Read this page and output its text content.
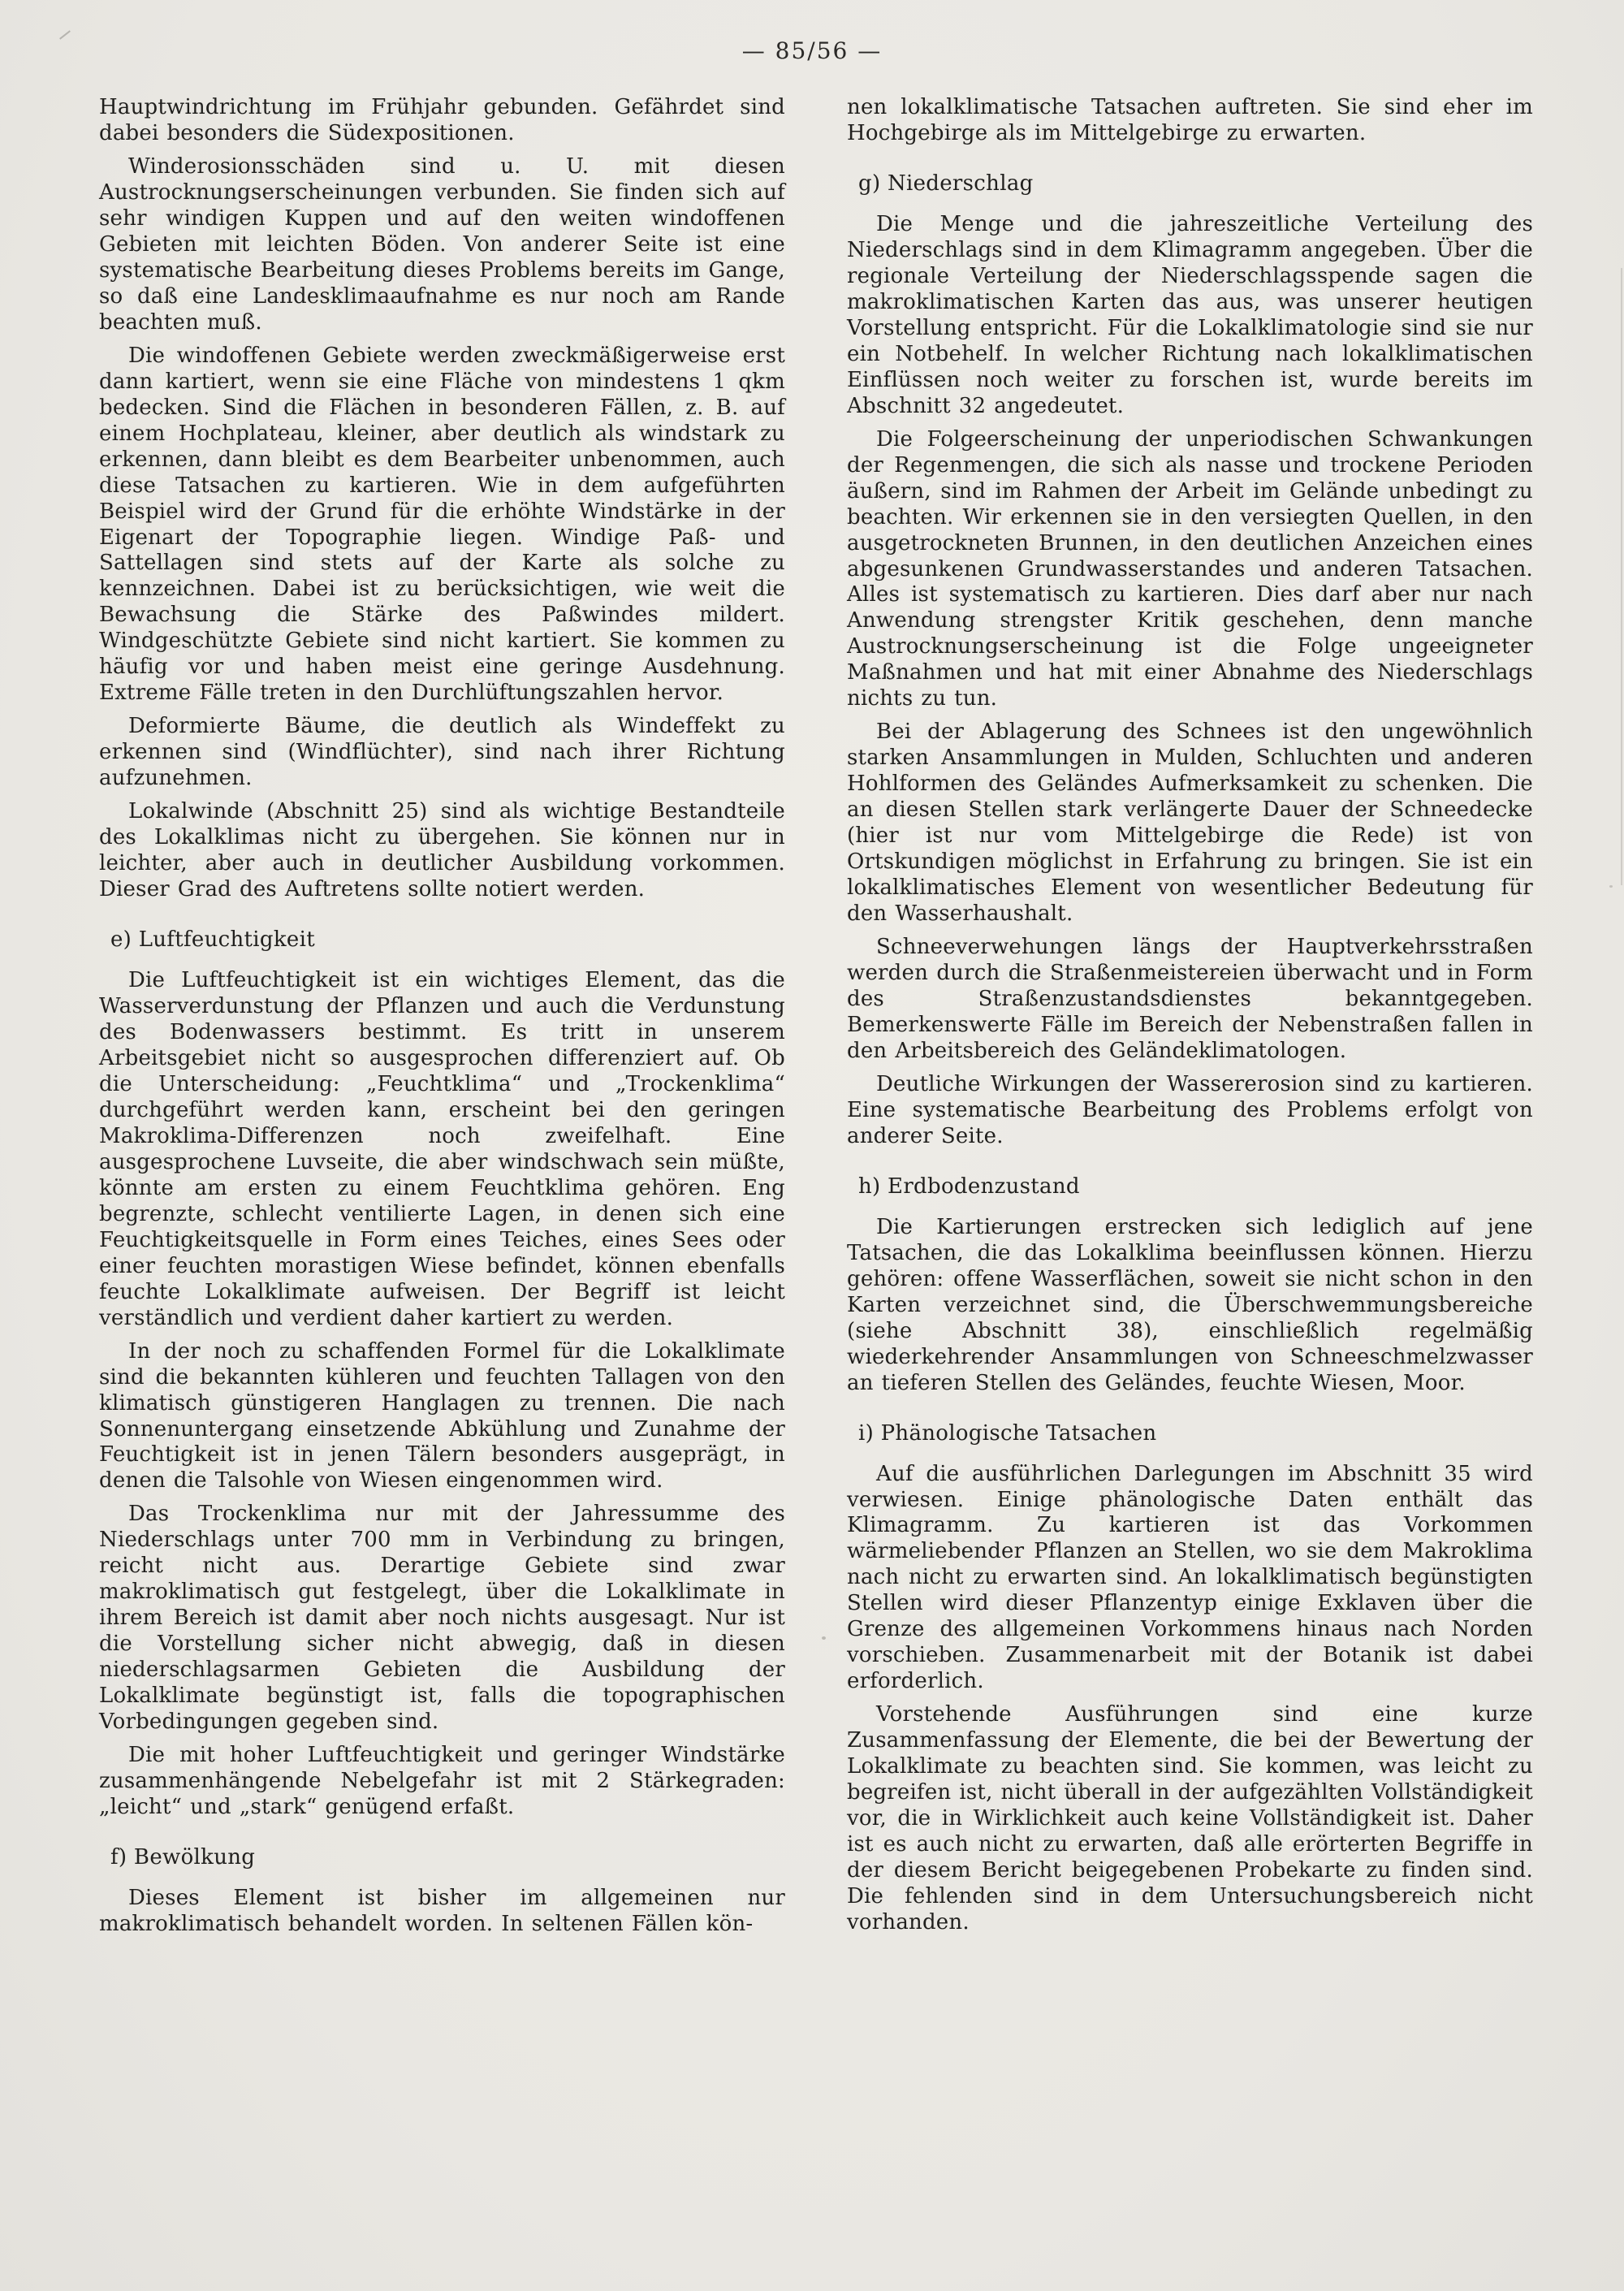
— 85/56 —

Hauptwindrichtung im Frühjahr gebunden. Gefährdet sind dabei besonders die Südexpositionen.

Winderosionsschäden sind u. U. mit diesen Austrocknungserscheinungen verbunden. Sie finden sich auf sehr windigen Kuppen und auf den weiten windoffenen Gebieten mit leichten Böden. Von anderer Seite ist eine systematische Bearbeitung dieses Problems bereits im Gange, so daß eine Landesklimaaufnahme es nur noch am Rande beachten muß.

Die windoffenen Gebiete werden zweckmäßigerweise erst dann kartiert, wenn sie eine Fläche von mindestens 1 qkm bedecken. Sind die Flächen in besonderen Fällen, z. B. auf einem Hochplateau, kleiner, aber deutlich als windstark zu erkennen, dann bleibt es dem Bearbeiter unbenommen, auch diese Tatsachen zu kartieren. Wie in dem aufgeführten Beispiel wird der Grund für die erhöhte Windstärke in der Eigenart der Topographie liegen. Windige Paß- und Sattellagen sind stets auf der Karte als solche zu kennzeichnen. Dabei ist zu berücksichtigen, wie weit die Bewachsung die Stärke des Paßwindes mildert. Windgeschützte Gebiete sind nicht kartiert. Sie kommen zu häufig vor und haben meist eine geringe Ausdehnung. Extreme Fälle treten in den Durchlüftungszahlen hervor.

Deformierte Bäume, die deutlich als Windeffekt zu erkennen sind (Windflüchter), sind nach ihrer Richtung aufzunehmen.

Lokalwinde (Abschnitt 25) sind als wichtige Bestandteile des Lokalklimas nicht zu übergehen. Sie können nur in leichter, aber auch in deutlicher Ausbildung vorkommen. Dieser Grad des Auftretens sollte notiert werden.

e) Luftfeuchtigkeit

Die Luftfeuchtigkeit ist ein wichtiges Element, das die Wasserverdunstung der Pflanzen und auch die Verdunstung des Bodenwassers bestimmt. Es tritt in unserem Arbeitsgebiet nicht so ausgesprochen differenziert auf. Ob die Unterscheidung: „Feuchtklima“ und „Trockenklima“ durchgeführt werden kann, erscheint bei den geringen Makroklima-Differenzen noch zweifelhaft. Eine ausgesprochene Luvseite, die aber windschwach sein müßte, könnte am ersten zu einem Feuchtklima gehören. Eng begrenzte, schlecht ventilierte Lagen, in denen sich eine Feuchtigkeitsquelle in Form eines Teiches, eines Sees oder einer feuchten morastigen Wiese befindet, können ebenfalls feuchte Lokalklimate aufweisen. Der Begriff ist leicht verständlich und verdient daher kartiert zu werden.

In der noch zu schaffenden Formel für die Lokalklimate sind die bekannten kühleren und feuchten Tallagen von den klimatisch günstigeren Hanglagen zu trennen. Die nach Sonnenuntergang einsetzende Abkühlung und Zunahme der Feuchtigkeit ist in jenen Tälern besonders ausgeprägt, in denen die Talsohle von Wiesen eingenommen wird.

Das Trockenklima nur mit der Jahressumme des Niederschlags unter 700 mm in Verbindung zu bringen, reicht nicht aus. Derartige Gebiete sind zwar makroklimatisch gut festgelegt, über die Lokalklimate in ihrem Bereich ist damit aber noch nichts ausgesagt. Nur ist die Vorstellung sicher nicht abwegig, daß in diesen niederschlagsarmen Gebieten die Ausbildung der Lokalklimate begünstigt ist, falls die topographischen Vorbedingungen gegeben sind.

Die mit hoher Luftfeuchtigkeit und geringer Windstärke zusammenhängende Nebelgefahr ist mit 2 Stärkegraden: „leicht“ und „stark“ genügend erfaßt.

f) Bewölkung

Dieses Element ist bisher im allgemeinen nur makroklimatisch behandelt worden. In seltenen Fällen kön-

nen lokalklimatische Tatsachen auftreten. Sie sind eher im Hochgebirge als im Mittelgebirge zu erwarten.

g) Niederschlag

Die Menge und die jahreszeitliche Verteilung des Niederschlags sind in dem Klimagramm angegeben. Über die regionale Verteilung der Niederschlagsspende sagen die makroklimatischen Karten das aus, was unserer heutigen Vorstellung entspricht. Für die Lokalklimatologie sind sie nur ein Notbehelf. In welcher Richtung nach lokalklimatischen Einflüssen noch weiter zu forschen ist, wurde bereits im Abschnitt 32 angedeutet.

Die Folgeerscheinung der unperiodischen Schwankungen der Regenmengen, die sich als nasse und trockene Perioden äußern, sind im Rahmen der Arbeit im Gelände unbedingt zu beachten. Wir erkennen sie in den versiegten Quellen, in den ausgetrockneten Brunnen, in den deutlichen Anzeichen eines abgesunkenen Grundwasserstandes und anderen Tatsachen. Alles ist systematisch zu kartieren. Dies darf aber nur nach Anwendung strengster Kritik geschehen, denn manche Austrocknungserscheinung ist die Folge ungeeigneter Maßnahmen und hat mit einer Abnahme des Niederschlags nichts zu tun.

Bei der Ablagerung des Schnees ist den ungewöhnlich starken Ansammlungen in Mulden, Schluchten und anderen Hohlformen des Geländes Aufmerksamkeit zu schenken. Die an diesen Stellen stark verlängerte Dauer der Schneedecke (hier ist nur vom Mittelgebirge die Rede) ist von Ortskundigen möglichst in Erfahrung zu bringen. Sie ist ein lokalklimatisches Element von wesentlicher Bedeutung für den Wasserhaushalt.

Schneeverwehungen längs der Hauptverkehrsstraßen werden durch die Straßenmeistereien überwacht und in Form des Straßenzustandsdienstes bekanntgegeben. Bemerkenswerte Fälle im Bereich der Nebenstraßen fallen in den Arbeitsbereich des Geländeklimatologen.

Deutliche Wirkungen der Wassererosion sind zu kartieren. Eine systematische Bearbeitung des Problems erfolgt von anderer Seite.

h) Erdbodenzustand

Die Kartierungen erstrecken sich lediglich auf jene Tatsachen, die das Lokalklima beeinflussen können. Hierzu gehören: offene Wasserflächen, soweit sie nicht schon in den Karten verzeichnet sind, die Überschwemmungsbereiche (siehe Abschnitt 38), einschließlich regelmäßig wiederkehrender Ansammlungen von Schneeschmelzwasser an tieferen Stellen des Geländes, feuchte Wiesen, Moor.

i) Phänologische Tatsachen

Auf die ausführlichen Darlegungen im Abschnitt 35 wird verwiesen. Einige phänologische Daten enthält das Klimagramm. Zu kartieren ist das Vorkommen wärmeliebender Pflanzen an Stellen, wo sie dem Makroklima nach nicht zu erwarten sind. An lokalklimatisch begünstigten Stellen wird dieser Pflanzentyp einige Exklaven über die Grenze des allgemeinen Vorkommens hinaus nach Norden vorschieben. Zusammenarbeit mit der Botanik ist dabei erforderlich.

Vorstehende Ausführungen sind eine kurze Zusammenfassung der Elemente, die bei der Bewertung der Lokalklimate zu beachten sind. Sie kommen, was leicht zu begreifen ist, nicht überall in der aufgezählten Vollständigkeit vor, die in Wirklichkeit auch keine Vollständigkeit ist. Daher ist es auch nicht zu erwarten, daß alle erörterten Begriffe in der diesem Bericht beigegebenen Probekarte zu finden sind. Die fehlenden sind in dem Untersuchungsbereich nicht vorhanden.
